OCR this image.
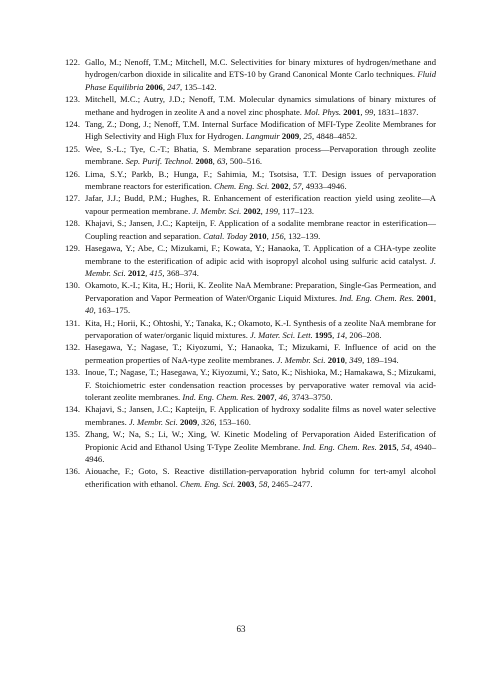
122. Gallo, M.; Nenoff, T.M.; Mitchell, M.C. Selectivities for binary mixtures of hydrogen/methane and hydrogen/carbon dioxide in silicalite and ETS-10 by Grand Canonical Monte Carlo techniques. Fluid Phase Equilibria 2006, 247, 135–142.
123. Mitchell, M.C.; Autry, J.D.; Nenoff, T.M. Molecular dynamics simulations of binary mixtures of methane and hydrogen in zeolite A and a novel zinc phosphate. Mol. Phys. 2001, 99, 1831–1837.
124. Tang, Z.; Dong, J.; Nenoff, T.M. Internal Surface Modification of MFI-Type Zeolite Membranes for High Selectivity and High Flux for Hydrogen. Langmuir 2009, 25, 4848–4852.
125. Wee, S.-L.; Tye, C.-T.; Bhatia, S. Membrane separation process—Pervaporation through zeolite membrane. Sep. Purif. Technol. 2008, 63, 500–516.
126. Lima, S.Y.; Parkb, B.; Hunga, F.; Sahimia, M.; Tsotsisa, T.T. Design issues of pervaporation membrane reactors for esterification. Chem. Eng. Sci. 2002, 57, 4933–4946.
127. Jafar, J.J.; Budd, P.M.; Hughes, R. Enhancement of esterification reaction yield using zeolite—A vapour permeation membrane. J. Membr. Sci. 2002, 199, 117–123.
128. Khajavi, S.; Jansen, J.C.; Kapteijn, F. Application of a sodalite membrane reactor in esterification—Coupling reaction and separation. Catal. Today 2010, 156, 132–139.
129. Hasegawa, Y.; Abe, C.; Mizukami, F.; Kowata, Y.; Hanaoka, T. Application of a CHA-type zeolite membrane to the esterification of adipic acid with isopropyl alcohol using sulfuric acid catalyst. J. Membr. Sci. 2012, 415, 368–374.
130. Okamoto, K.-I.; Kita, H.; Horii, K. Zeolite NaA Membrane: Preparation, Single-Gas Permeation, and Pervaporation and Vapor Permeation of Water/Organic Liquid Mixtures. Ind. Eng. Chem. Res. 2001, 40, 163–175.
131. Kita, H.; Horii, K.; Ohtoshi, Y.; Tanaka, K.; Okamoto, K.-I. Synthesis of a zeolite NaA membrane for pervaporation of water/organic liquid mixtures. J. Mater. Sci. Lett. 1995, 14, 206–208.
132. Hasegawa, Y.; Nagase, T.; Kiyozumi, Y.; Hanaoka, T.; Mizukami, F. Influence of acid on the permeation properties of NaA-type zeolite membranes. J. Membr. Sci. 2010, 349, 189–194.
133. Inoue, T.; Nagase, T.; Hasegawa, Y.; Kiyozumi, Y.; Sato, K.; Nishioka, M.; Hamakawa, S.; Mizukami, F. Stoichiometric ester condensation reaction processes by pervaporative water removal via acid-tolerant zeolite membranes. Ind. Eng. Chem. Res. 2007, 46, 3743–3750.
134. Khajavi, S.; Jansen, J.C.; Kapteijn, F. Application of hydroxy sodalite films as novel water selective membranes. J. Membr. Sci. 2009, 326, 153–160.
135. Zhang, W.; Na, S.; Li, W.; Xing, W. Kinetic Modeling of Pervaporation Aided Esterification of Propionic Acid and Ethanol Using T-Type Zeolite Membrane. Ind. Eng. Chem. Res. 2015, 54, 4940–4946.
136. Aiouache, F.; Goto, S. Reactive distillation-pervaporation hybrid column for tert-amyl alcohol etherification with ethanol. Chem. Eng. Sci. 2003, 58, 2465–2477.
63
